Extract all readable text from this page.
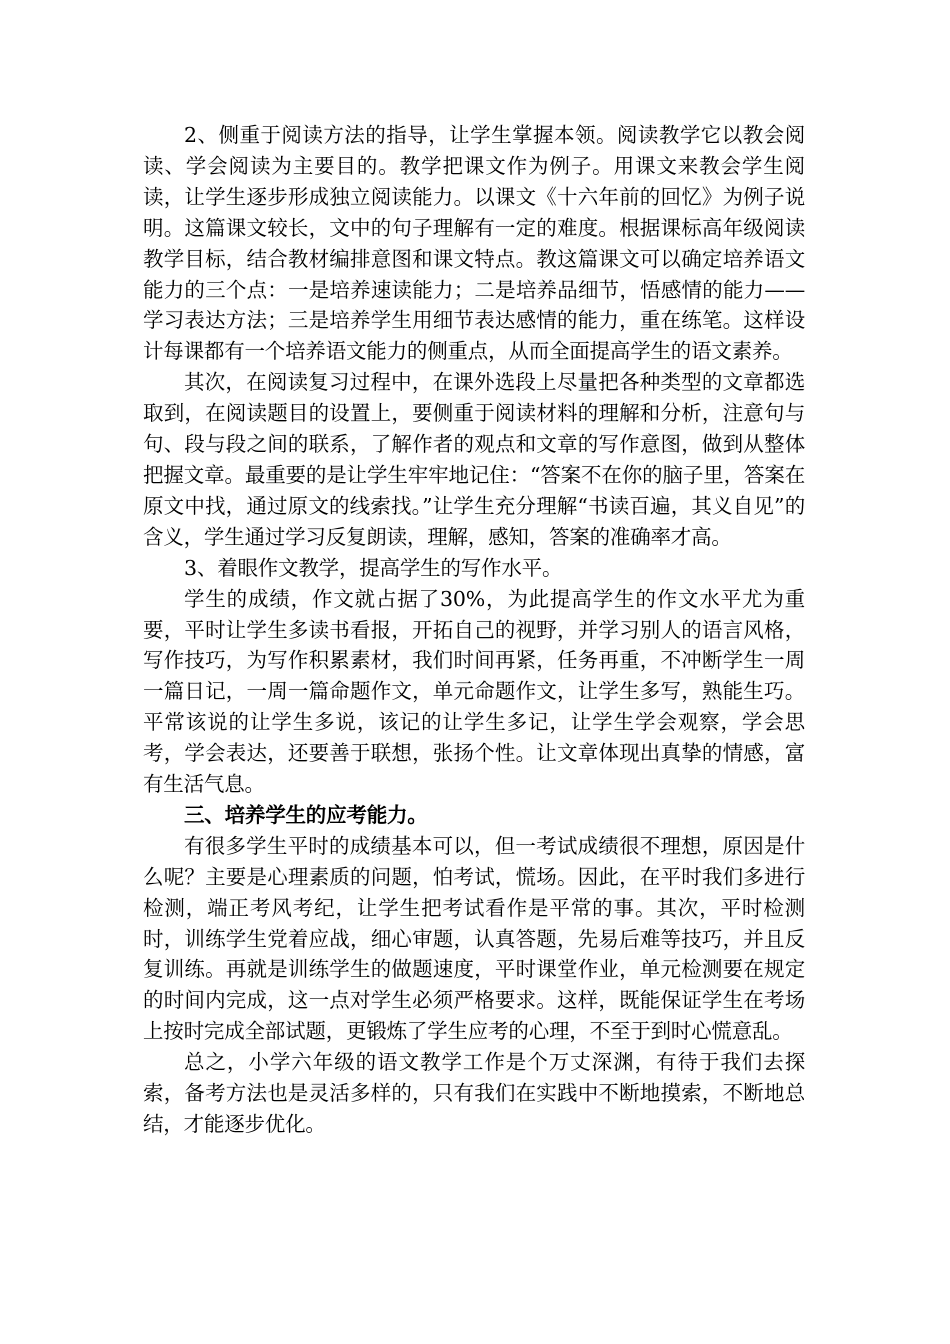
2、侧重于阅读方法的指导，让学生掌握本领。阅读教学它以教会阅读、学会阅读为主要目的。教学把课文作为例子。用课文来教会学生阅读，让学生逐步形成独立阅读能力。以课文《十六年前的回忆》为例子说明。这篇课文较长，文中的句子理解有一定的难度。根据课标高年级阅读教学目标，结合教材编排意图和课文特点。教这篇课文可以确定培养语文能力的三个点：一是培养速读能力；二是培养品细节，悟感情的能力——学习表达方法；三是培养学生用细节表达感情的能力，重在练笔。这样设计每课都有一个培养语文能力的侧重点，从而全面提高学生的语文素养。

其次，在阅读复习过程中，在课外选段上尽量把各种类型的文章都选取到，在阅读题目的设置上，要侧重于阅读材料的理解和分析，注意句与句、段与段之间的联系，了解作者的观点和文章的写作意图，做到从整体把握文章。最重要的是让学生牢牢地记住：“答案不在你的脑子里，答案在原文中找，通过原文的线索找。”让学生充分理解“书读百遍，其义自见”的含义，学生通过学习反复朗读，理解，感知，答案的准确率才高。

3、着眼作文教学，提高学生的写作水平。

学生的成绩，作文就占据了30%，为此提高学生的作文水平尤为重要，平时让学生多读书看报，开拓自己的视野，并学习别人的语言风格，写作技巧，为写作积累素材，我们时间再紧，任务再重，不冲断学生一周一篇日记，一周一篇命题作文，单元命题作文，让学生多写，熟能生巧。平常该说的让学生多说，该记的让学生多记，让学生学会观察，学会思考，学会表达，还要善于联想，张扬个性。让文章体现出真挚的情感，富有生活气息。

三、培养学生的应考能力。

有很多学生平时的成绩基本可以，但一考试成绩很不理想，原因是什么呢？主要是心理素质的问题，怕考试，慌场。因此，在平时我们多进行检测，端正考风考纪，让学生把考试看作是平常的事。其次，平时检测时，训练学生党着应战，细心审题，认真答题，先易后难等技巧，并且反复训练。再就是训练学生的做题速度，平时课堂作业，单元检测要在规定的时间内完成，这一点对学生必须严格要求。这样，既能保证学生在考场上按时完成全部试题，更锻炼了学生应考的心理，不至于到时心慌意乱。

总之，小学六年级的语文教学工作是个万丈深渊，有待于我们去探索，备考方法也是灵活多样的，只有我们在实践中不断地摸索，不断地总结，才能逐步优化。
